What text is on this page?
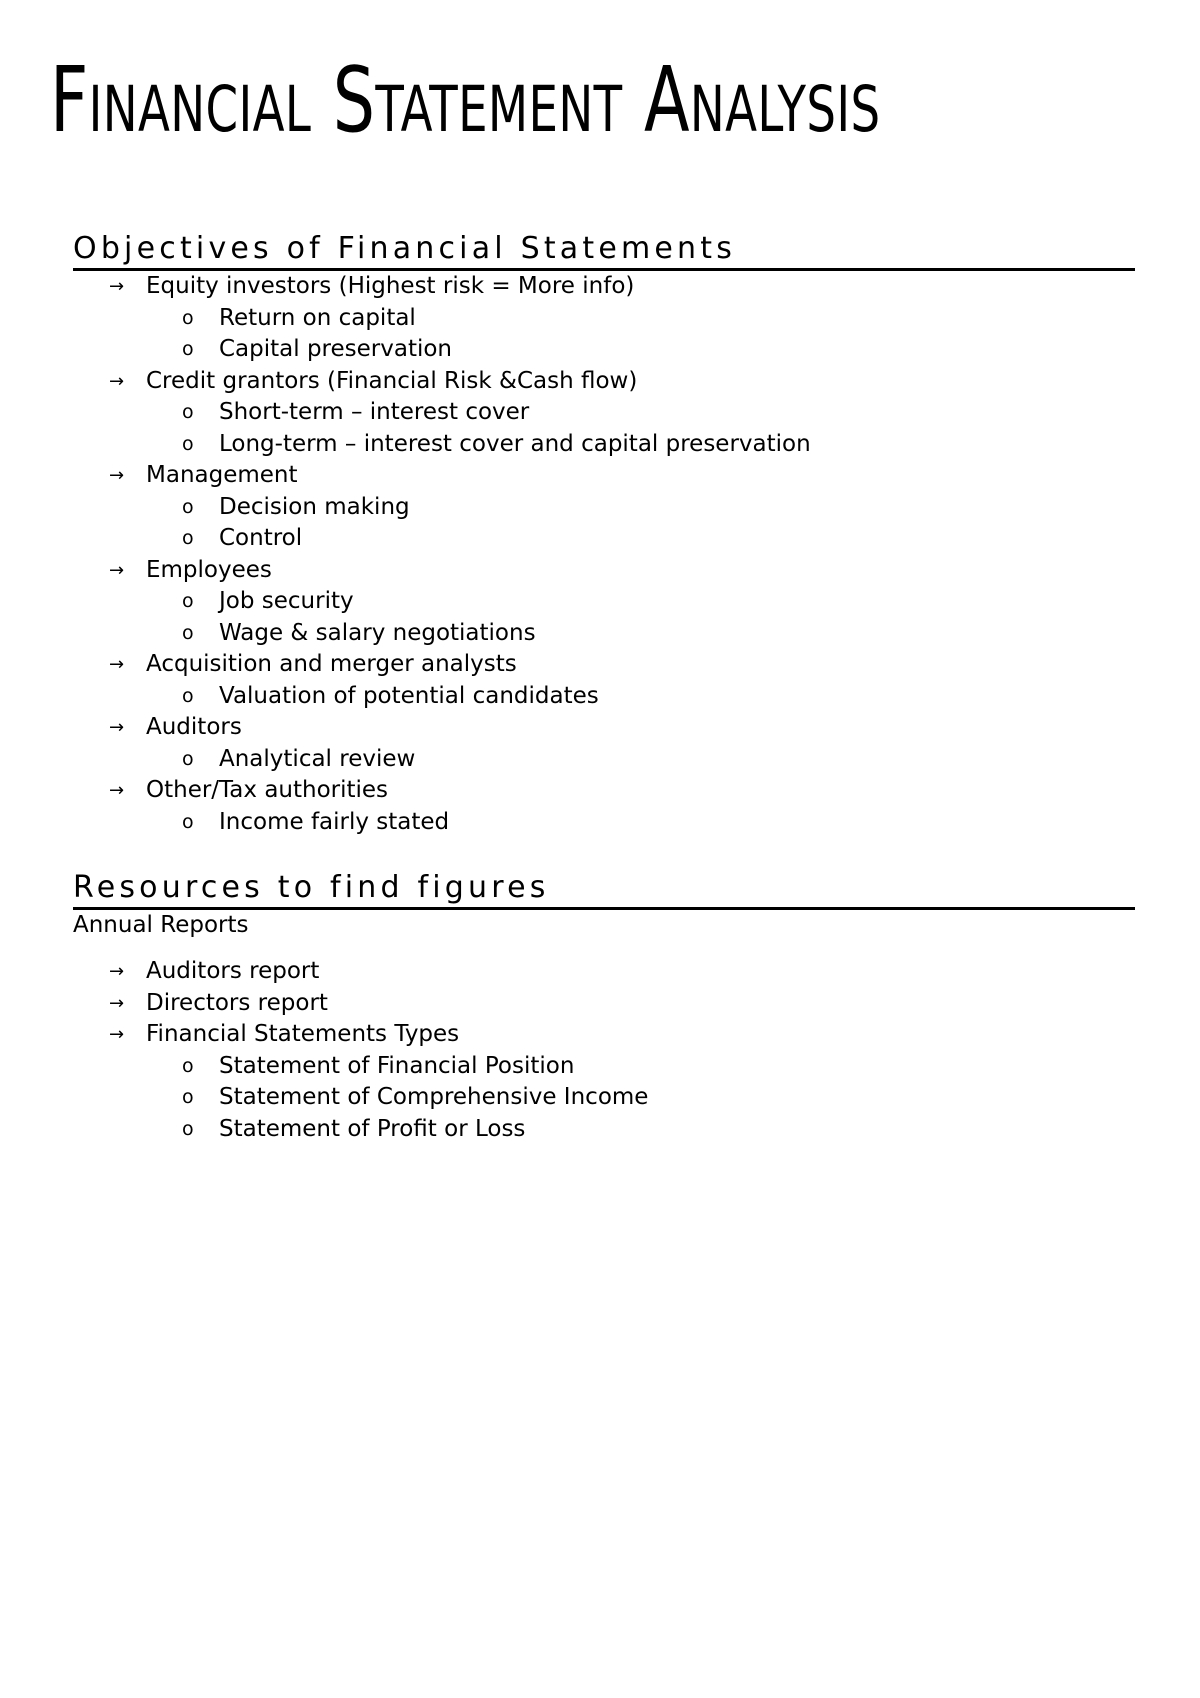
Financial Statement Analysis
Objectives of Financial Statements
→ Equity investors (Highest risk = More info)
o Return on capital
o Capital preservation
→ Credit grantors (Financial Risk &Cash flow)
o Short-term – interest cover
o Long-term – interest cover and capital preservation
→ Management
o Decision making
o Control
→ Employees
o Job security
o Wage & salary negotiations
→ Acquisition and merger analysts
o Valuation of potential candidates
→ Auditors
o Analytical review
→ Other/Tax authorities
o Income fairly stated
Resources to find figures
Annual Reports
→ Auditors report
→ Directors report
→ Financial Statements Types
o Statement of Financial Position
o Statement of Comprehensive Income
o Statement of Profit or Loss
